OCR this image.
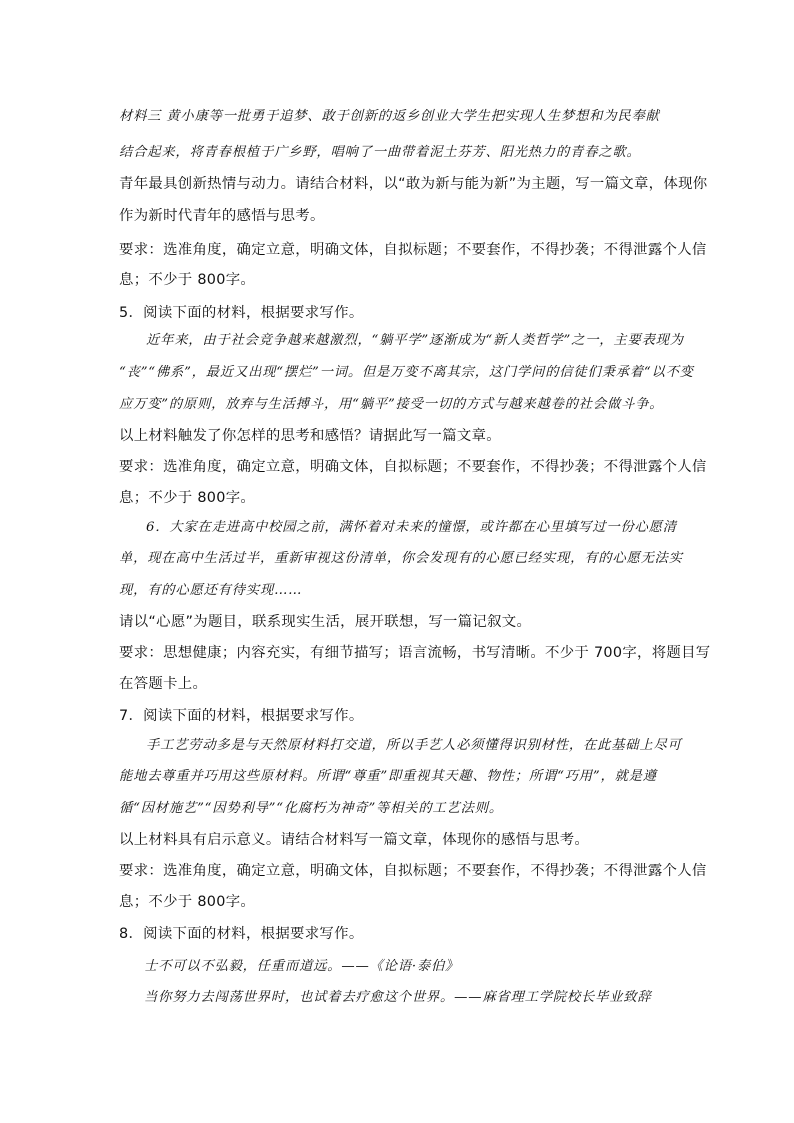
材料三 黄小康等一批勇于追梦、敢于创新的返乡创业大学生把实现人生梦想和为民奉献
结合起来，将青春根植于广乡野，唱响了一曲带着泥土芬芳、阳光热力的青春之歌。
青年最具创新热情与动力。请结合材料，以“敢为新与能为新”为主题，写一篇文章，体现你
作为新时代青年的感悟与思考。
要求：选准角度，确定立意，明确文体，自拟标题；不要套作，不得抄袭；不得泄露个人信
息；不少于 800字。
5．阅读下面的材料，根据要求写作。
近年来，由于社会竞争越来越激烈，“躺平学”逐渐成为“新人类哲学”之一，主要表现为
“丧”“佛系”，最近又出现“摆烂”一词。但是万变不离其宗，这门学问的信徒们秉承着“以不变
应万变”的原则，放弃与生活搏斗，用“躺平”接受一切的方式与越来越卷的社会做斗争。
以上材料触发了你怎样的思考和感悟？请据此写一篇文章。
要求：选准角度，确定立意，明确文体，自拟标题；不要套作，不得抄袭；不得泄露个人信
息；不少于 800字。
6．大家在走进高中校园之前，满怀着对未来的憧憬，或许都在心里填写过一份心愿清
单，现在高中生活过半，重新审视这份清单，你会发现有的心愿已经实现，有的心愿无法实
现，有的心愿还有待实现……
请以“心愿”为题目，联系现实生活，展开联想，写一篇记叙文。
要求：思想健康；内容充实，有细节描写；语言流畅，书写清晰。不少于 700字，将题目写
在答题卡上。
7．阅读下面的材料，根据要求写作。
手工艺劳动多是与天然原材料打交道，所以手艺人必须懂得识别材性，在此基础上尽可
能地去尊重并巧用这些原材料。所谓“尊重”即重视其天趣、物性；所谓“巧用”，就是遵
循“因材施艺”“因势利导”“化腐朽为神奇”等相关的工艺法则。
以上材料具有启示意义。请结合材料写一篇文章，体现你的感悟与思考。
要求：选准角度，确定立意，明确文体，自拟标题；不要套作，不得抄袭；不得泄露个人信
息；不少于 800字。
8．阅读下面的材料，根据要求写作。
士不可以不弘毅，任重而道远。——《论语·泰伯》
当你努力去闯荡世界时，也试着去疗愈这个世界。——麻省理工学院校长毕业致辞
